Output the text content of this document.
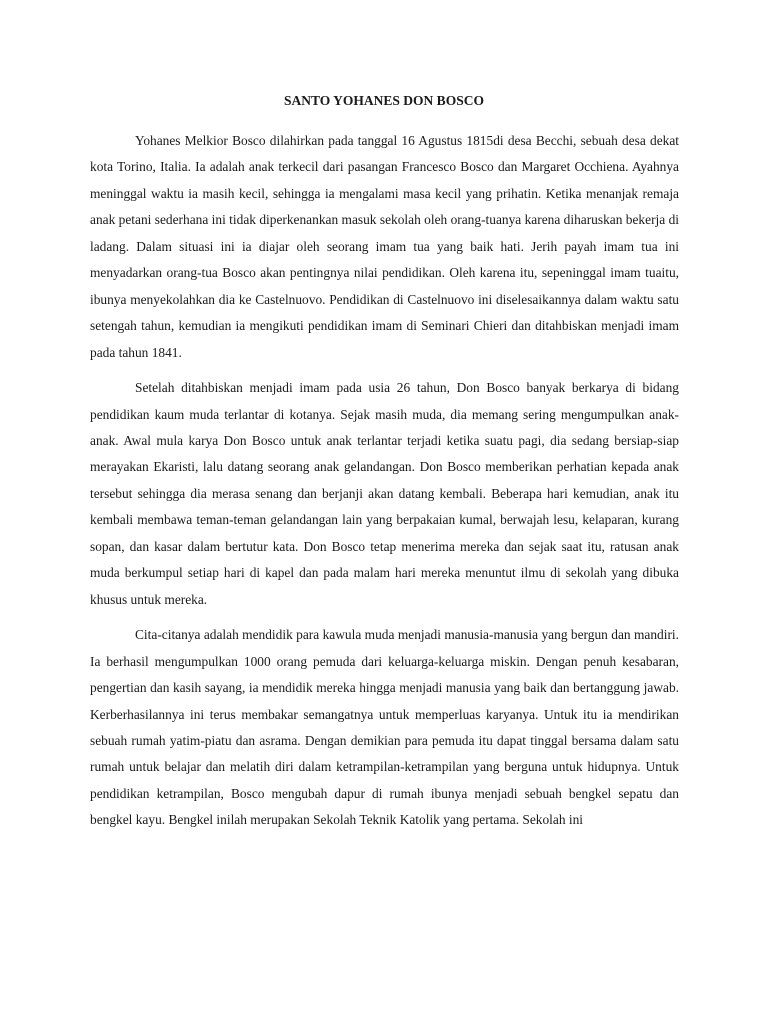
SANTO YOHANES DON BOSCO

Yohanes Melkior Bosco dilahirkan pada tanggal 16 Agustus 1815di desa Becchi, sebuah desa dekat kota Torino, Italia. Ia adalah anak terkecil dari pasangan Francesco Bosco dan Margaret Occhiena. Ayahnya meninggal waktu ia masih kecil, sehingga ia mengalami masa kecil yang prihatin. Ketika menanjak remaja anak petani sederhana ini tidak diperkenankan masuk sekolah oleh orang-tuanya karena diharuskan bekerja di ladang. Dalam situasi ini ia diajar oleh seorang imam tua yang baik hati. Jerih payah imam tua ini menyadarkan orang-tua Bosco akan pentingnya nilai pendidikan. Oleh karena itu, sepeninggal imam tuaitu, ibunya menyekolahkan dia ke Castelnuovo. Pendidikan di Castelnuovo ini diselesaikannya dalam waktu satu setengah tahun, kemudian ia mengikuti pendidikan imam di Seminari Chieri dan ditahbiskan menjadi imam pada tahun 1841.

Setelah ditahbiskan menjadi imam pada usia 26 tahun, Don Bosco banyak berkarya di bidang pendidikan kaum muda terlantar di kotanya. Sejak masih muda, dia memang sering mengumpulkan anak-anak. Awal mula karya Don Bosco untuk anak terlantar terjadi ketika suatu pagi, dia sedang bersiap-siap merayakan Ekaristi, lalu datang seorang anak gelandangan. Don Bosco memberikan perhatian kepada anak tersebut sehingga dia merasa senang dan berjanji akan datang kembali. Beberapa hari kemudian, anak itu kembali membawa teman-teman gelandangan lain yang berpakaian kumal, berwajah lesu, kelaparan, kurang sopan, dan kasar dalam bertutur kata. Don Bosco tetap menerima mereka dan sejak saat itu, ratusan anak muda berkumpul setiap hari di kapel dan pada malam hari mereka menuntut ilmu di sekolah yang dibuka khusus untuk mereka.

Cita-citanya adalah mendidik para kawula muda menjadi manusia-manusia yang bergun dan mandiri. Ia berhasil mengumpulkan 1000 orang pemuda dari keluarga-keluarga miskin. Dengan penuh kesabaran, pengertian dan kasih sayang, ia mendidik mereka hingga menjadi manusia yang baik dan bertanggung jawab. Kerberhasilannya ini terus membakar semangatnya untuk memperluas karyanya. Untuk itu ia mendirikan sebuah rumah yatim-piatu dan asrama. Dengan demikian para pemuda itu dapat tinggal bersama dalam satu rumah untuk belajar dan melatih diri dalam ketrampilan-ketrampilan yang berguna untuk hidupnya. Untuk pendidikan ketrampilan, Bosco mengubah dapur di rumah ibunya menjadi sebuah bengkel sepatu dan bengkel kayu. Bengkel inilah merupakan Sekolah Teknik Katolik yang pertama. Sekolah ini
